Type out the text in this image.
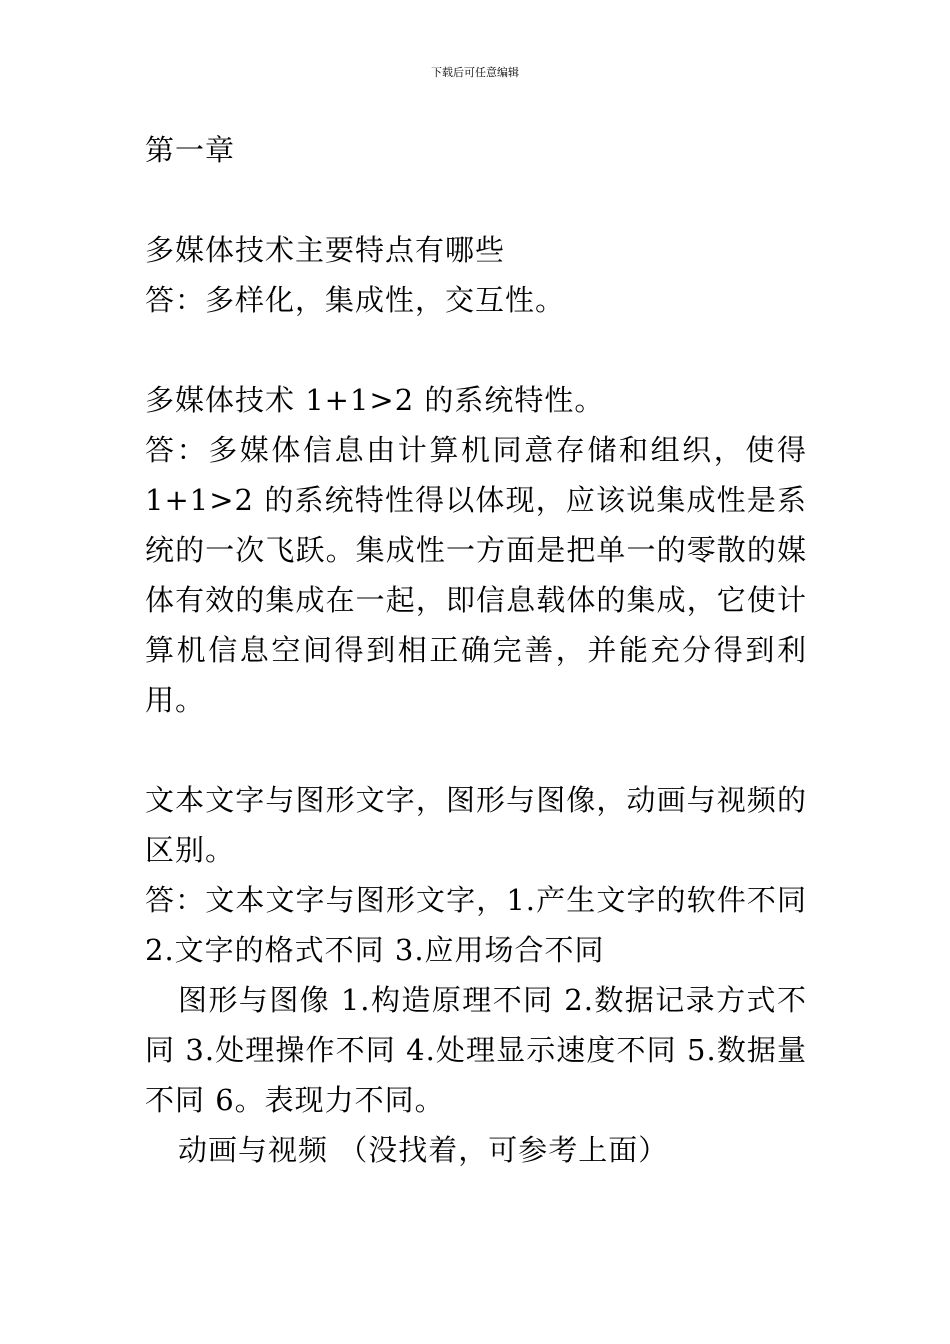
下载后可任意编辑

第一章

多媒体技术主要特点有哪些

答：多样化，集成性，交互性。

多媒体技术 1+1>2 的系统特性。

答：多媒体信息由计算机同意存储和组织，使得 1+1>2 的系统特性得以体现，应该说集成性是系统的一次飞跃。集成性一方面是把单一的零散的媒体有效的集成在一起，即信息载体的集成，它使计算机信息空间得到相正确完善，并能充分得到利用。

文本文字与图形文字，图形与图像，动画与视频的区别。

答：文本文字与图形文字，1.产生文字的软件不同 2.文字的格式不同 3.应用场合不同

图形与图像 1.构造原理不同 2.数据记录方式不同 3.处理操作不同 4.处理显示速度不同 5.数据量不同 6。表现力不同。

动画与视频 （没找着，可参考上面）
